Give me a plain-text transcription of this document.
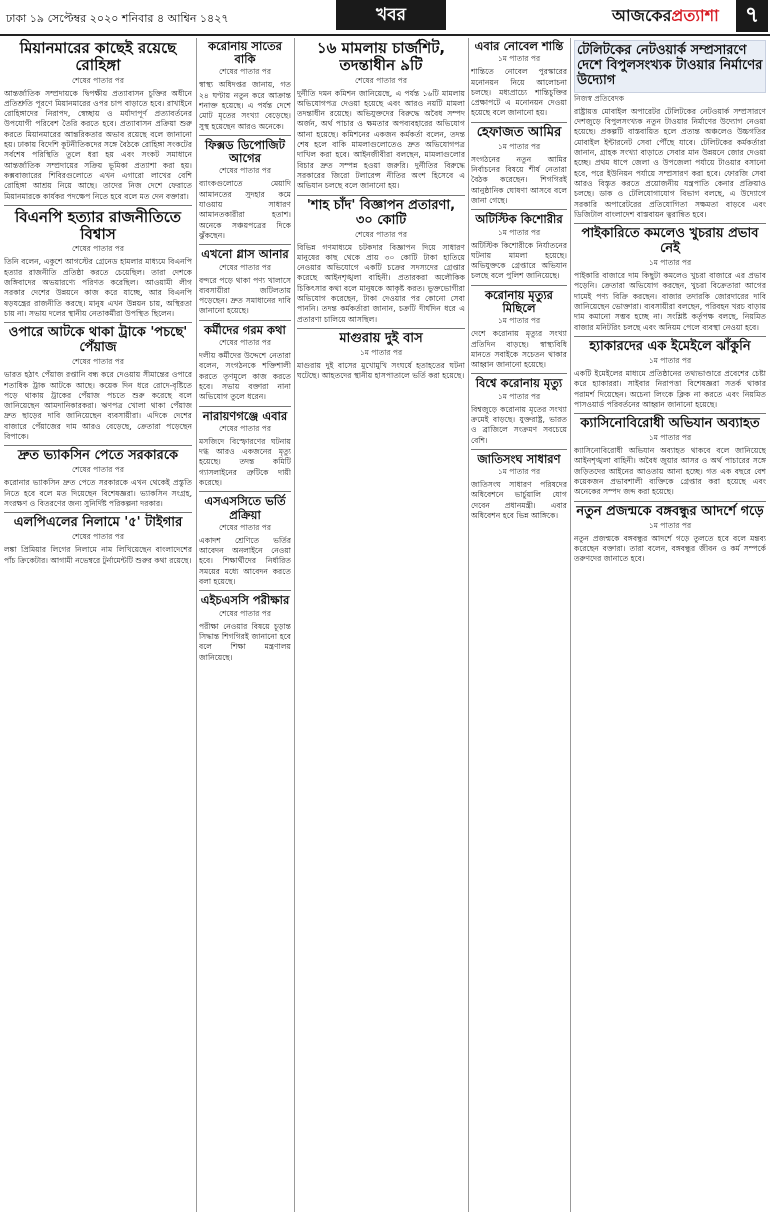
ঢাকা ১৯ সেপ্টেম্বর ২০২০ শনিবার ৪ আশ্বিন ১৪২৭	খবর	আজকেরপ্রত্যাশা	৭
মিয়ানমারের কাছেই রয়েছে রোহিঙ্গা
শেষের পাতার পর

আন্তর্জাতিক সম্প্রদায়কে দ্বিপক্ষীয় প্রত্যাবাসন চুক্তির অধীনে প্রতিশ্রুতি পূরণে মিয়ানমারের ওপর চাপ বাড়াতে হবে। রাখাইনে রোহিঙ্গাদের নিরাপদ, স্বেচ্ছায় ও মর্যাদাপূর্ণ প্রত্যাবর্তনের উপযোগী পরিবেশ তৈরি করতে হবে। প্রত্যাবাসন প্রক্রিয়া শুরু করতে মিয়ানমারের আন্তরিকতার অভাব রয়েছে বলে জানানো হয়। ঢাকায় বিদেশি কূটনীতিকদের সঙ্গে বৈঠকে রোহিঙ্গা সংকটের সর্বশেষ পরিস্থিতি তুলে ধরা হয় এবং সংকট সমাধানে আন্তর্জাতিক সম্প্রদায়ের সক্রিয় ভূমিকা প্রত্যাশা করা হয়। কক্সবাজারের শিবিরগুলোতে এখন এগারো লাখের বেশি রোহিঙ্গা আশ্রয় নিয়ে আছে। তাদের নিজ দেশে ফেরাতে মিয়ানমারকে কার্যকর পদক্ষেপ নিতে হবে বলে মত দেন বক্তারা।

বিএনপি হত্যার রাজনীতিতে বিশ্বাস
শেষের পাতার পর

তিনি বলেন, একুশে আগস্টের গ্রেনেড হামলার মাধ্যমে বিএনপি হত্যার রাজনীতি প্রতিষ্ঠা করতে চেয়েছিল। তারা দেশকে জঙ্গিবাদের অভয়ারণ্যে পরিণত করেছিল। আওয়ামী লীগ সরকার দেশের উন্নয়নে কাজ করে যাচ্ছে, আর বিএনপি ষড়যন্ত্রের রাজনীতি করছে। মানুষ এখন উন্নয়ন চায়, অস্থিরতা চায় না। সভায় দলের স্থানীয় নেতাকর্মীরা উপস্থিত ছিলেন।

ওপারে আটকে থাকা ট্রাকে 'পচছে' পেঁয়াজ
শেষের পাতার পর

ভারত হঠাৎ পেঁয়াজ রপ্তানি বন্ধ করে দেওয়ায় সীমান্তের ওপারে শতাধিক ট্রাক আটকে আছে। কয়েক দিন ধরে রোদে-বৃষ্টিতে পড়ে থাকায় ট্রাকের পেঁয়াজ পচতে শুরু করেছে বলে জানিয়েছেন আমদানিকারকরা। ঋণপত্র খোলা থাকা পেঁয়াজ দ্রুত ছাড়ের দাবি জানিয়েছেন ব্যবসায়ীরা। এদিকে দেশের বাজারে পেঁয়াজের দাম আরও বেড়েছে, ক্রেতারা পড়েছেন বিপাকে।

দ্রুত ভ্যাকসিন পেতে সরকারকে
শেষের পাতার পর

করোনার ভ্যাকসিন দ্রুত পেতে সরকারকে এখন থেকেই প্রস্তুতি নিতে হবে বলে মত দিয়েছেন বিশেষজ্ঞরা। ভ্যাকসিন সংগ্রহ, সংরক্ষণ ও বিতরণের জন্য সুনির্দিষ্ট পরিকল্পনা দরকার।

এলপিএলের নিলামে '৫' টাইগার
শেষের পাতার পর

লঙ্কা প্রিমিয়ার লিগের নিলামে নাম লিখিয়েছেন বাংলাদেশের পাঁচ ক্রিকেটার। আগামী নভেম্বরে টুর্নামেন্টটি শুরুর কথা রয়েছে।

করোনায় সাতের বাকি
শেষের পাতার পর

স্বাস্থ্য অধিদপ্তর জানায়, গত ২৪ ঘণ্টায় নতুন করে আক্রান্ত শনাক্ত হয়েছে। এ পর্যন্ত দেশে মোট মৃতের সংখ্যা বেড়েছে। সুস্থ হয়েছেন আরও অনেকে।

ফিক্সড ডিপোজিট আগের
শেষের পাতার পর

ব্যাংকগুলোতে মেয়াদি আমানতের সুদহার কমে যাওয়ায় সাধারণ আমানতকারীরা হতাশ। অনেকে সঞ্চয়পত্রের দিকে ঝুঁকছেন।

এখনো গ্লাস আনার
শেষের পাতার পর

বন্দরে পড়ে থাকা পণ্য খালাসে ব্যবসায়ীরা জটিলতায় পড়েছেন। দ্রুত সমাধানের দাবি জানানো হয়েছে।

কর্মীদের গরম কথা
শেষের পাতার পর

দলীয় কর্মীদের উদ্দেশে নেতারা বলেন, সংগঠনকে শক্তিশালী করতে তৃণমূলে কাজ করতে হবে। সভায় বক্তারা নানা অভিযোগ তুলে ধরেন।

নারায়ণগঞ্জে এবার
শেষের পাতার পর

মসজিদে বিস্ফোরণের ঘটনায় দগ্ধ আরও একজনের মৃত্যু হয়েছে। তদন্ত কমিটি গ্যাসলাইনের ত্রুটিকে দায়ী করেছে।

এসএসসিতে ভর্তি প্রক্রিয়া
শেষের পাতার পর

একাদশ শ্রেণিতে ভর্তির আবেদন অনলাইনে নেওয়া হবে। শিক্ষার্থীদের নির্ধারিত সময়ের মধ্যে আবেদন করতে বলা হয়েছে।

এইচএসসি পরীক্ষার
শেষের পাতার পর

পরীক্ষা নেওয়ার বিষয়ে চূড়ান্ত সিদ্ধান্ত শিগগিরই জানানো হবে বলে শিক্ষা মন্ত্রণালয় জানিয়েছে।

১৬ মামলায় চার্জশিট, তদন্তাধীন ৯টি
শেষের পাতার পর

দুর্নীতি দমন কমিশন জানিয়েছে, এ পর্যন্ত ১৬টি মামলায় অভিযোগপত্র দেওয়া হয়েছে এবং আরও নয়টি মামলা তদন্তাধীন রয়েছে। অভিযুক্তদের বিরুদ্ধে অবৈধ সম্পদ অর্জন, অর্থ পাচার ও ক্ষমতার অপব্যবহারের অভিযোগ আনা হয়েছে। কমিশনের একজন কর্মকর্তা বলেন, তদন্ত শেষ হলে বাকি মামলাগুলোতেও দ্রুত অভিযোগপত্র দাখিল করা হবে। আইনজীবীরা বলছেন, মামলাগুলোর বিচার দ্রুত সম্পন্ন হওয়া জরুরি। দুর্নীতির বিরুদ্ধে সরকারের জিরো টলারেন্স নীতির অংশ হিসেবে এ অভিযান চলছে বলে জানানো হয়।

'শাহ চাঁদ' বিজ্ঞাপন প্রতারণা, ৩০ কোটি
শেষের পাতার পর

বিভিন্ন গণমাধ্যমে চটকদার বিজ্ঞাপন দিয়ে সাধারণ মানুষের কাছ থেকে প্রায় ৩০ কোটি টাকা হাতিয়ে নেওয়ার অভিযোগে একটি চক্রের সদস্যদের গ্রেপ্তার করেছে আইনশৃঙ্খলা বাহিনী। প্রতারকরা অলৌকিক চিকিৎসার কথা বলে মানুষকে আকৃষ্ট করত। ভুক্তভোগীরা অভিযোগ করেছেন, টাকা দেওয়ার পর কোনো সেবা পাননি। তদন্ত কর্মকর্তারা জানান, চক্রটি দীর্ঘদিন ধরে এ প্রতারণা চালিয়ে আসছিল।

মাগুরায় দুই বাস
১ম পাতার পর

মাগুরায় দুই বাসের মুখোমুখি সংঘর্ষে হতাহতের ঘটনা ঘটেছে। আহতদের স্থানীয় হাসপাতালে ভর্তি করা হয়েছে।

এবার নোবেল শান্তি
১ম পাতার পর

শান্তিতে নোবেল পুরস্কারের মনোনয়ন নিয়ে আলোচনা চলছে। মধ্যপ্রাচ্যে শান্তিচুক্তির প্রেক্ষাপটে এ মনোনয়ন দেওয়া হয়েছে বলে জানানো হয়।

হেফাজত আমির
১ম পাতার পর

সংগঠনের নতুন আমির নির্বাচনের বিষয়ে শীর্ষ নেতারা বৈঠক করেছেন। শিগগিরই আনুষ্ঠানিক ঘোষণা আসবে বলে জানা গেছে।

অটিস্টিক কিশোরীর
১ম পাতার পর

অটিস্টিক কিশোরীকে নির্যাতনের ঘটনায় মামলা হয়েছে। অভিযুক্তকে গ্রেপ্তারে অভিযান চলছে বলে পুলিশ জানিয়েছে।

করোনায় মৃত্যুর মিছিলে
১ম পাতার পর

দেশে করোনায় মৃত্যুর সংখ্যা প্রতিদিন বাড়ছে। স্বাস্থ্যবিধি মানতে সবাইকে সচেতন থাকার আহ্বান জানানো হয়েছে।

বিশ্বে করোনায় মৃত্যু
১ম পাতার পর

বিশ্বজুড়ে করোনায় মৃতের সংখ্যা ক্রমেই বাড়ছে। যুক্তরাষ্ট্র, ভারত ও ব্রাজিলে সংক্রমণ সবচেয়ে বেশি।

জাতিসংঘ সাধারণ
১ম পাতার পর

জাতিসংঘ সাধারণ পরিষদের অধিবেশনে ভার্চুয়ালি যোগ দেবেন প্রধানমন্ত্রী। এবার অধিবেশন হবে ভিন্ন আঙ্গিকে।

টেলিটকের নেটওয়ার্ক সম্প্রসারণে দেশে বিপুলসংখ্যক টাওয়ার নির্মাণের উদ্যোগ
নিজস্ব প্রতিবেদক

রাষ্ট্রায়ত্ত মোবাইল অপারেটর টেলিটকের নেটওয়ার্ক সম্প্রসারণে দেশজুড়ে বিপুলসংখ্যক নতুন টাওয়ার নির্মাণের উদ্যোগ নেওয়া হয়েছে। প্রকল্পটি বাস্তবায়িত হলে প্রত্যন্ত অঞ্চলেও উচ্চগতির মোবাইল ইন্টারনেট সেবা পৌঁছে যাবে। টেলিটকের কর্মকর্তারা জানান, গ্রাহক সংখ্যা বাড়াতে সেবার মান উন্নয়নে জোর দেওয়া হচ্ছে। প্রথম ধাপে জেলা ও উপজেলা পর্যায়ে টাওয়ার বসানো হবে, পরে ইউনিয়ন পর্যায়ে সম্প্রসারণ করা হবে। ফোরজি সেবা আরও বিস্তৃত করতে প্রয়োজনীয় যন্ত্রপাতি কেনার প্রক্রিয়াও চলছে। ডাক ও টেলিযোগাযোগ বিভাগ বলছে, এ উদ্যোগে সরকারি অপারেটরের প্রতিযোগিতা সক্ষমতা বাড়বে এবং ডিজিটাল বাংলাদেশ বাস্তবায়ন ত্বরান্বিত হবে।

পাইকারিতে কমলেও খুচরায় প্রভাব নেই
১ম পাতার পর

পাইকারি বাজারে দাম কিছুটা কমলেও খুচরা বাজারে এর প্রভাব পড়েনি। ক্রেতারা অভিযোগ করছেন, খুচরা বিক্রেতারা আগের দামেই পণ্য বিক্রি করছেন। বাজার তদারকি জোরদারের দাবি জানিয়েছেন ভোক্তারা। ব্যবসায়ীরা বলছেন, পরিবহন খরচ বাড়ায় দাম কমানো সম্ভব হচ্ছে না। সংশ্লিষ্ট কর্তৃপক্ষ বলছে, নিয়মিত বাজার মনিটরিং চলছে এবং অনিয়ম পেলে ব্যবস্থা নেওয়া হবে।

হ্যাকারদের এক ইমেইলে ঝাঁকুনি
১ম পাতার পর

একটি ইমেইলের মাধ্যমে প্রতিষ্ঠানের তথ্যভাণ্ডারে প্রবেশের চেষ্টা করে হ্যাকাররা। সাইবার নিরাপত্তা বিশেষজ্ঞরা সতর্ক থাকার পরামর্শ দিয়েছেন। অচেনা লিংকে ক্লিক না করতে এবং নিয়মিত পাসওয়ার্ড পরিবর্তনের আহ্বান জানানো হয়েছে।

ক্যাসিনোবিরোধী অভিযান অব্যাহত
১ম পাতার পর

ক্যাসিনোবিরোধী অভিযান অব্যাহত থাকবে বলে জানিয়েছে আইনশৃঙ্খলা বাহিনী। অবৈধ জুয়ার আসর ও অর্থ পাচারের সঙ্গে জড়িতদের আইনের আওতায় আনা হচ্ছে। গত এক বছরে বেশ কয়েকজন প্রভাবশালী ব্যক্তিকে গ্রেপ্তার করা হয়েছে এবং অনেকের সম্পদ জব্দ করা হয়েছে।

নতুন প্রজন্মকে বঙ্গবন্ধুর আদর্শে গড়ে
১ম পাতার পর

নতুন প্রজন্মকে বঙ্গবন্ধুর আদর্শে গড়ে তুলতে হবে বলে মন্তব্য করেছেন বক্তারা। তারা বলেন, বঙ্গবন্ধুর জীবন ও কর্ম সম্পর্কে তরুণদের জানাতে হবে।
